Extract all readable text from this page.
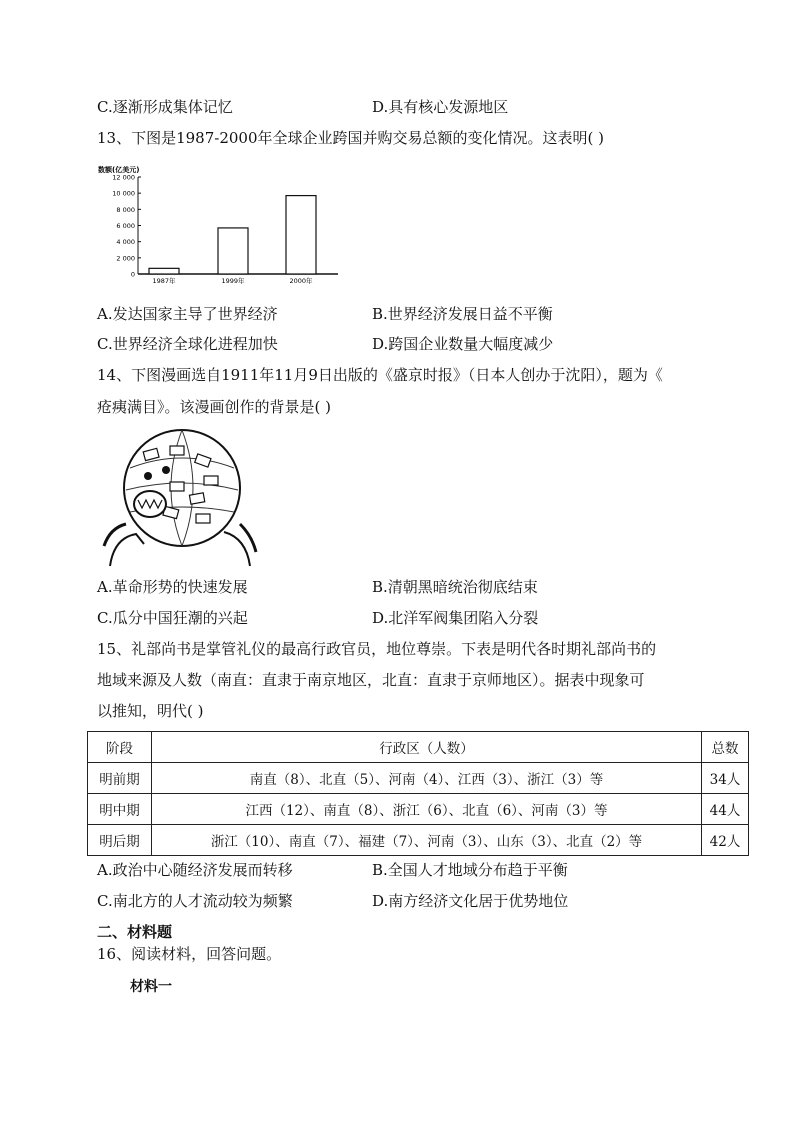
C.逐渐形成集体记忆	D.具有核心发源地区
13、下图是1987-2000年全球企业跨国并购交易总额的变化情况。这表明( )
数额(亿美元)
0
2 000
4 000
6 000
8 000
10 000
12 000
1987年	1999年	2000年
A.发达国家主导了世界经济	B.世界经济发展日益不平衡
C.世界经济全球化进程加快	D.跨国企业数量大幅度减少
14、下图漫画选自1911年11月9日出版的《盛京时报》（日本人创办于沈阳），题为《
疮痍满目》。该漫画创作的背景是( )
A.革命形势的快速发展	B.清朝黑暗统治彻底结束
C.瓜分中国狂潮的兴起	D.北洋军阀集团陷入分裂
15、礼部尚书是掌管礼仪的最高行政官员，地位尊崇。下表是明代各时期礼部尚书的
地域来源及人数（南直：直隶于南京地区，北直：直隶于京师地区）。据表中现象可
以推知，明代( )
阶段	行政区（人数）	总数
明前期	南直（8）、北直（5）、河南（4）、江西（3）、浙江（3）等	34人
明中期	江西（12）、南直（8）、浙江（6）、北直（6）、河南（3）等	44人
明后期	浙江（10）、南直（7）、福建（7）、河南（3）、山东（3）、北直（2）等	42人
A.政治中心随经济发展而转移	B.全国人才地域分布趋于平衡
C.南北方的人才流动较为频繁	D.南方经济文化居于优势地位
二、材料题
16、阅读材料，回答问题。
材料一
